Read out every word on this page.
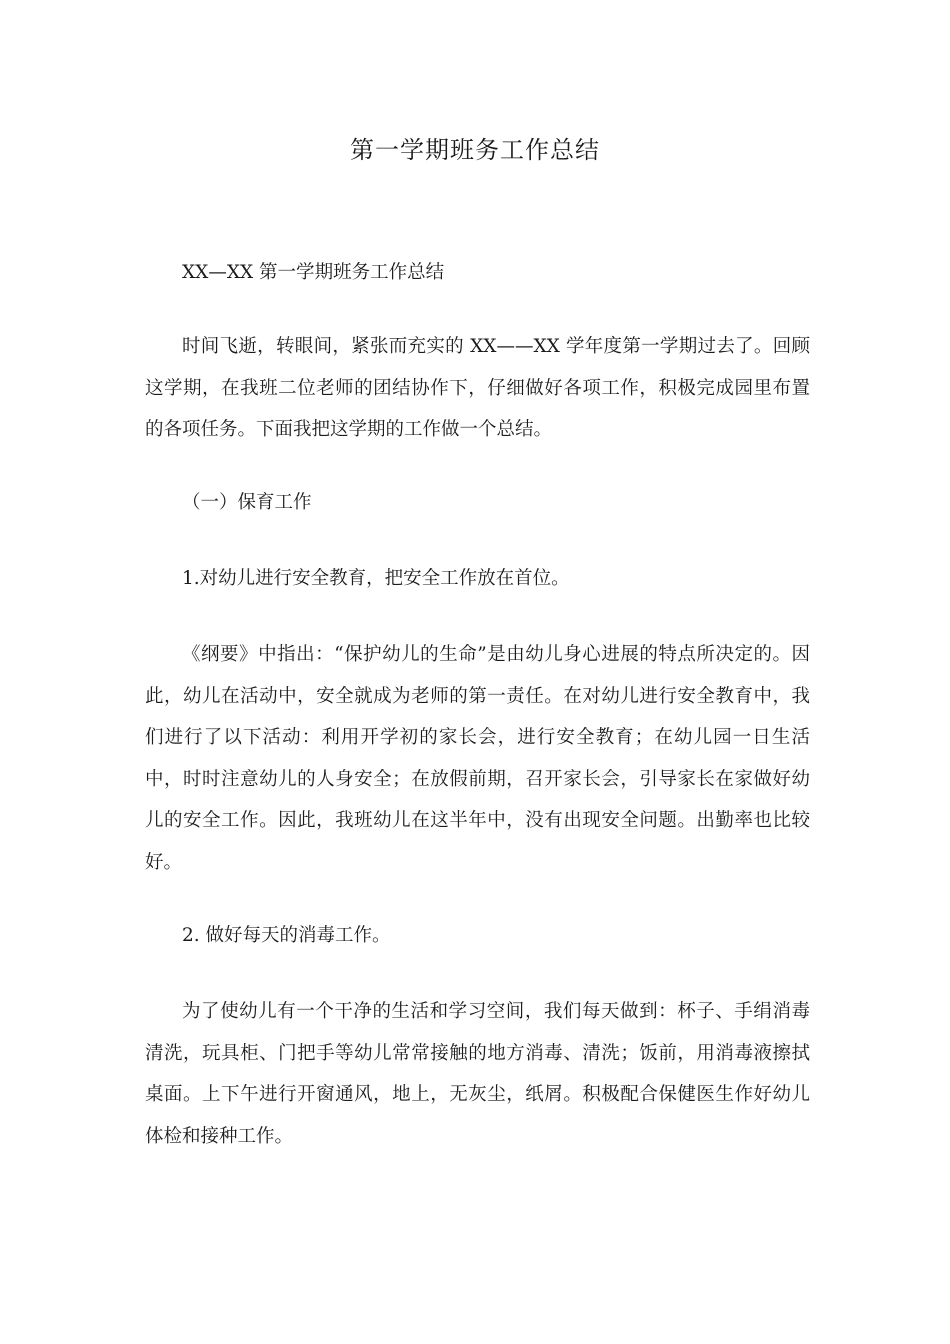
第一学期班务工作总结

XX—XX 第一学期班务工作总结

时间飞逝，转眼间，紧张而充实的 XX——XX 学年度第一学期过去了。回顾这学期，在我班二位老师的团结协作下，仔细做好各项工作，积极完成园里布置的各项任务。下面我把这学期的工作做一个总结。

（一）保育工作

1.对幼儿进行安全教育，把安全工作放在首位。

《纲要》中指出：“保护幼儿的生命”是由幼儿身心进展的特点所决定的。因此，幼儿在活动中，安全就成为老师的第一责任。在对幼儿进行安全教育中，我们进行了以下活动：利用开学初的家长会，进行安全教育；在幼儿园一日生活中，时时注意幼儿的人身安全；在放假前期，召开家长会，引导家长在家做好幼儿的安全工作。因此，我班幼儿在这半年中，没有出现安全问题。出勤率也比较好。

2. 做好每天的消毒工作。

为了使幼儿有一个干净的生活和学习空间，我们每天做到：杯子、手绢消毒清洗，玩具柜、门把手等幼儿常常接触的地方消毒、清洗；饭前，用消毒液擦拭桌面。上下午进行开窗通风，地上，无灰尘，纸屑。积极配合保健医生作好幼儿体检和接种工作。
